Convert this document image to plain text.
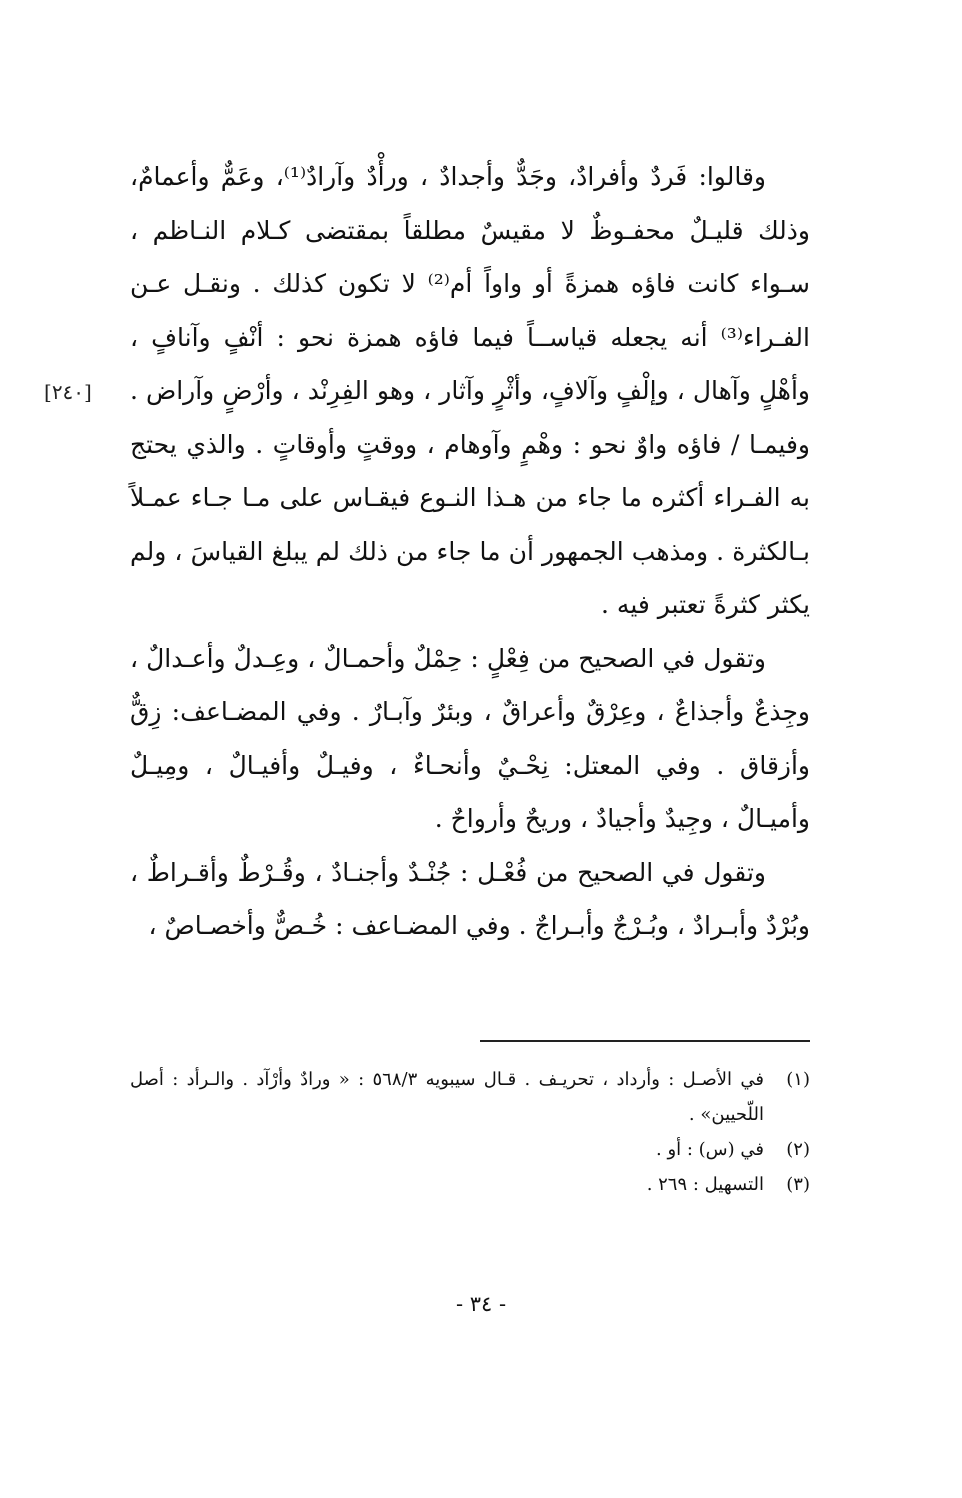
وقالوا: فَردٌ وأفرادٌ، وجَدٌّ وأجدادٌ ، ورأْدٌ وآرادٌ⁽¹⁾، وعَمٌّ وأعمامٌ، وذلك قليـلٌ محفـوظٌ لا مقيسٌ مطلقاً بمقتضى كـلام النـاظم ، سـواء كانت فاؤه همزةً أو واواً أم⁽²⁾ لا تكون كذلك . ونقـل عـن الفـراء⁽³⁾ أنه يجعله قياســاً فيما فاؤه همزة نحو : أنْفٍ وآنافٍ ، وأهْلٍ وآهال ، وإلْفٍ وآلافٍ، وأثْرٍ وآثار ، وهو الفِرِنْد ، وأرْضٍ وآراض . وفيمـا / فاؤه واوٌ نحو : وهْمٍ وآوهام ، ووقتٍ وأوقاتٍ . والذي يحتج به الفـراء أكثره ما جاء من هـذا النـوع فيقـاس على مـا جـاء عمـلاً بـالكثرة . ومذهب الجمهور أن ما جاء من ذلك لم يبلغ القياسَ ، ولم يكثر كثرةً تعتبر فيه .

وتقول في الصحيح من فِعْلٍ : حِمْلٌ وأحمـالٌ ، وعِـدلٌ وأعـدالٌ ، وجِذعٌ وأجذاعٌ ، وعِرْقٌ وأعراقٌ ، وبئرٌ وآبـارٌ . وفي المضـاعف: زِقٌّ وأزقاق . وفي المعتل: نِحْـيٌ وأنحـاءٌ ، وفيـلٌ وأفيـالٌ ، ومِيـلٌ وأميـالٌ ، وجِيدٌ وأجيادٌ ، وريحٌ وأرواحٌ .

وتقول في الصحيح من فُعْـل : جُنْـدٌ وأجنـادٌ ، وقُـرْطٌ وأقـراطٌ ، وبُرْدٌ وأبـرادٌ ، وبُـرْجٌ وأبـراجٌ . وفي المضـاعف : خُـصٌّ وأخصـاصٌ ،

[٢٤٠]
(١)
في الأصـل : وأرداد ، تحريـف . قـال سيبويه ٥٦٨/٣ : « ورادٌ وأرْآد . والـرأد : أصل اللّحيين» .
(٢)
في (س) : أو .
(٣)
التسهيل : ٢٦٩ .
- ٣٤ -
